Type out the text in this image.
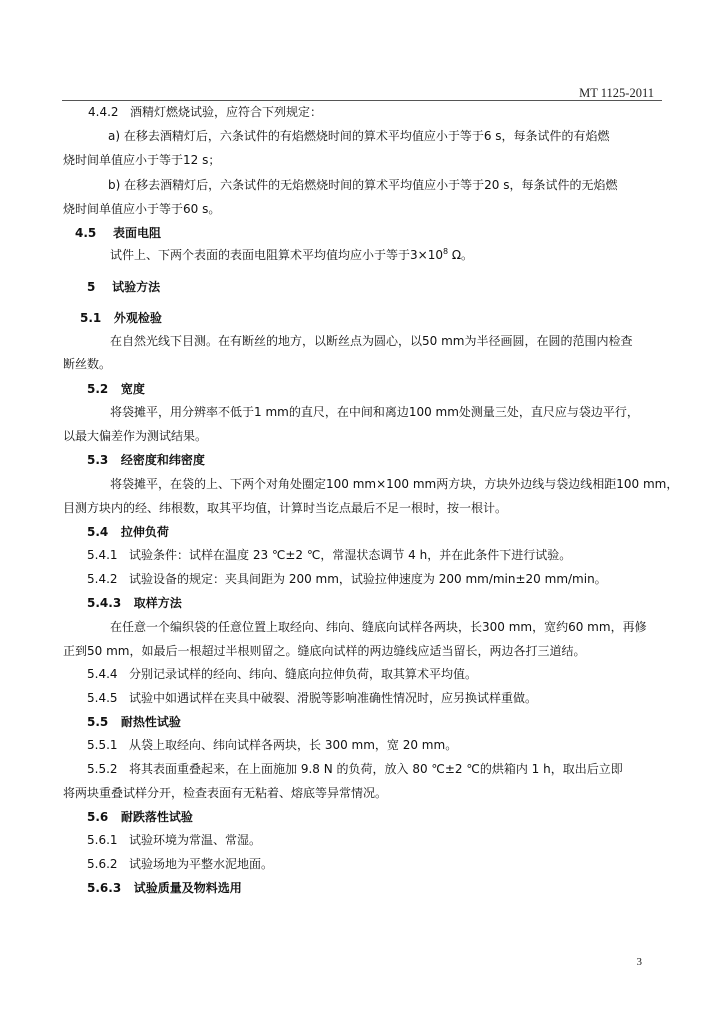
MT 1125-2011
4.4.2 酒精灯燃烧试验，应符合下列规定：
a) 在移去酒精灯后，六条试件的有焰燃烧时间的算术平均值应小于等于6 s，每条试件的有焰燃
烧时间单值应小于等于12 s；
b) 在移去酒精灯后，六条试件的无焰燃烧时间的算术平均值应小于等于20 s，每条试件的无焰燃
烧时间单值应小于等于60 s。
4.5 表面电阻
试件上、下两个表面的表面电阻算术平均值均应小于等于$3\times 10^8$ Ω。
5 试验方法
5.1 外观检验
在自然光线下目测。在有断丝的地方，以断丝点为圆心，以50 mm为半径画圆，在圆的范围内检查
断丝数。
5.2 宽度
将袋摊平，用分辨率不低于1 mm的直尺，在中间和离边100 mm处测量三处，直尺应与袋边平行，
以最大偏差作为测试结果。
5.3 经密度和纬密度
将袋摊平，在袋的上、下两个对角处圈定100 mm×100 mm两方块，方块外边线与袋边线相距100 mm，
目测方块内的经、纬根数，取其平均值，计算时当讫点最后不足一根时，按一根计。
5.4 拉伸负荷
5.4.1 试验条件：试样在温度 23 ℃±2 ℃，常湿状态调节 4 h，并在此条件下进行试验。
5.4.2 试验设备的规定：夹具间距为 200 mm，试验拉伸速度为 200 mm/min±20 mm/min。
5.4.3 取样方法
在任意一个编织袋的任意位置上取经向、纬向、缝底向试样各两块，长300 mm，宽约60 mm，再修
正到50 mm，如最后一根超过半根则留之。缝底向试样的两边缝线应适当留长，两边各打三道结。
5.4.4 分别记录试样的经向、纬向、缝底向拉伸负荷，取其算术平均值。
5.4.5 试验中如遇试样在夹具中破裂、滑脱等影响准确性情况时，应另换试样重做。
5.5 耐热性试验
5.5.1 从袋上取经向、纬向试样各两块，长 300 mm，宽 20 mm。
5.5.2 将其表面重叠起来，在上面施加 9.8 N 的负荷，放入 80 ℃±2 ℃的烘箱内 1 h，取出后立即
将两块重叠试样分开，检查表面有无粘着、熔底等异常情况。
5.6 耐跌落性试验
5.6.1 试验环境为常温、常湿。
5.6.2 试验场地为平整水泥地面。
5.6.3 试验质量及物料选用
3
